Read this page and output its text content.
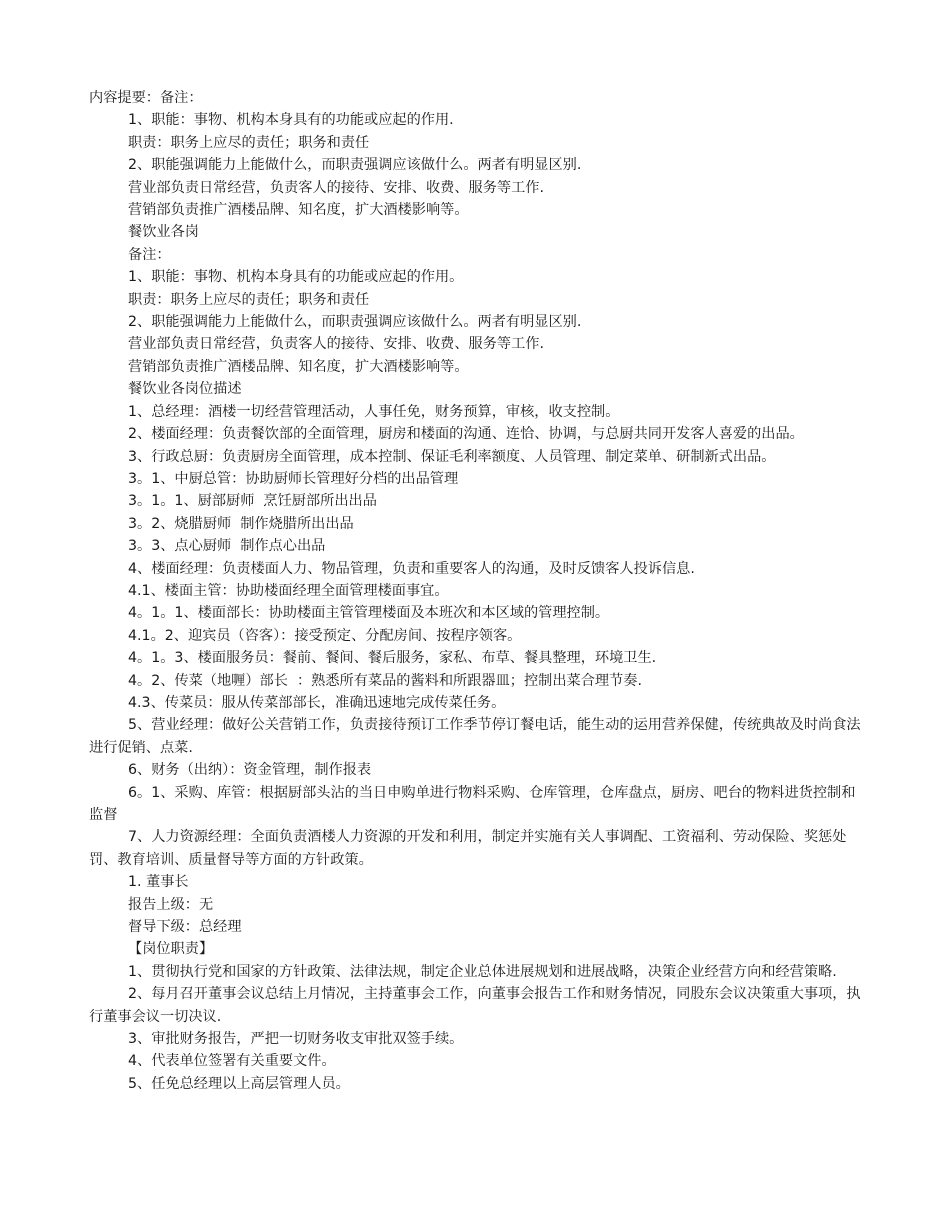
内容提要：备注：
1、职能：事物、机构本身具有的功能或应起的作用.
职责：职务上应尽的责任；职务和责任
2、职能强调能力上能做什么，而职责强调应该做什么。两者有明显区别.
营业部负责日常经营，负责客人的接待、安排、收费、服务等工作.
营销部负责推广酒楼品牌、知名度，扩大酒楼影响等。
餐饮业各岗
备注：
1、职能：事物、机构本身具有的功能或应起的作用。
职责：职务上应尽的责任；职务和责任
2、职能强调能力上能做什么，而职责强调应该做什么。两者有明显区别.
营业部负责日常经营，负责客人的接待、安排、收费、服务等工作.
营销部负责推广酒楼品牌、知名度，扩大酒楼影响等。
餐饮业各岗位描述
1、总经理：酒楼一切经营管理活动，人事任免，财务预算，审核，收支控制。
2、楼面经理：负责餐饮部的全面管理，厨房和楼面的沟通、连恰、协调，与总厨共同开发客人喜爱的出品。
3、行政总厨：负责厨房全面管理，成本控制、保证毛利率额度、人员管理、制定菜单、研制新式出品。
3。1、中厨总管：协助厨师长管理好分档的出品管理
3。1。1、厨部厨师  烹饪厨部所出出品
3。2、烧腊厨师  制作烧腊所出出品
3。3、点心厨师  制作点心出品
4、楼面经理：负责楼面人力、物品管理，负责和重要客人的沟通，及时反馈客人投诉信息.
4.1、楼面主管：协助楼面经理全面管理楼面事宜。
4。1。1、楼面部长：协助楼面主管管理楼面及本班次和本区域的管理控制。
4.1。2、迎宾员（咨客）：接受预定、分配房间、按程序领客。
4。1。3、楼面服务员：餐前、餐间、餐后服务，家私、布草、餐具整理，环境卫生.
4。2、传菜（地喱）部长  ：熟悉所有菜品的酱料和所跟器皿；控制出菜合理节奏.
4.3、传菜员：服从传菜部部长，准确迅速地完成传菜任务。
5、营业经理：做好公关营销工作，负责接待预订工作季节停订餐电话，能生动的运用营养保健，传统典故及时尚食法进行促销、点菜.
6、财务（出纳）：资金管理，制作报表
6。1、采购、库管：根据厨部头沾的当日申购单进行物料采购、仓库管理，仓库盘点，厨房、吧台的物料进货控制和监督
7、人力资源经理：全面负责酒楼人力资源的开发和利用，制定并实施有关人事调配、工资福利、劳动保险、奖惩处罚、教育培训、质量督导等方面的方针政策。
1. 董事长
报告上级：无
督导下级：总经理
【岗位职责】
1、贯彻执行党和国家的方针政策、法律法规，制定企业总体进展规划和进展战略，决策企业经营方向和经营策略.
2、每月召开董事会议总结上月情况，主持董事会工作，向董事会报告工作和财务情况，同股东会议决策重大事项，执行董事会议一切决议.
3、审批财务报告，严把一切财务收支审批双签手续。
4、代表单位签署有关重要文件。
5、任免总经理以上高层管理人员。
